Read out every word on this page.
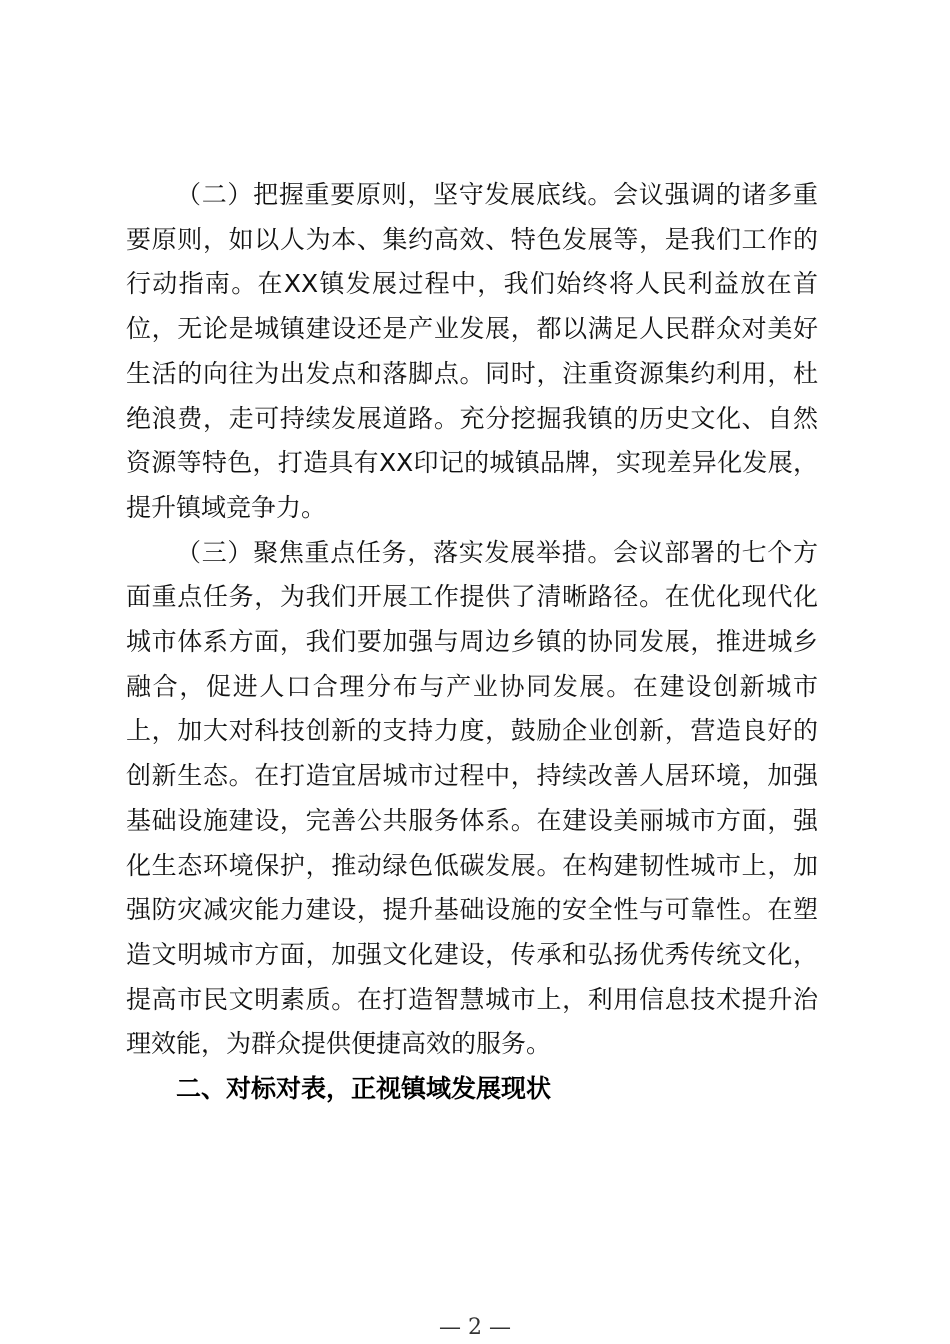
（二）把握重要原则，坚守发展底线。会议强调的诸多重要原则，如以人为本、集约高效、特色发展等，是我们工作的行动指南。在XX镇发展过程中，我们始终将人民利益放在首位，无论是城镇建设还是产业发展，都以满足人民群众对美好生活的向往为出发点和落脚点。同时，注重资源集约利用，杜绝浪费，走可持续发展道路。充分挖掘我镇的历史文化、自然资源等特色，打造具有XX印记的城镇品牌，实现差异化发展，提升镇域竞争力。

（三）聚焦重点任务，落实发展举措。会议部署的七个方面重点任务，为我们开展工作提供了清晰路径。在优化现代化城市体系方面，我们要加强与周边乡镇的协同发展，推进城乡融合，促进人口合理分布与产业协同发展。在建设创新城市上，加大对科技创新的支持力度，鼓励企业创新，营造良好的创新生态。在打造宜居城市过程中，持续改善人居环境，加强基础设施建设，完善公共服务体系。在建设美丽城市方面，强化生态环境保护，推动绿色低碳发展。在构建韧性城市上，加强防灾减灾能力建设，提升基础设施的安全性与可靠性。在塑造文明城市方面，加强文化建设，传承和弘扬优秀传统文化，提高市民文明素质。在打造智慧城市上，利用信息技术提升治理效能，为群众提供便捷高效的服务。

二、对标对表，正视镇域发展现状

— 2 —
